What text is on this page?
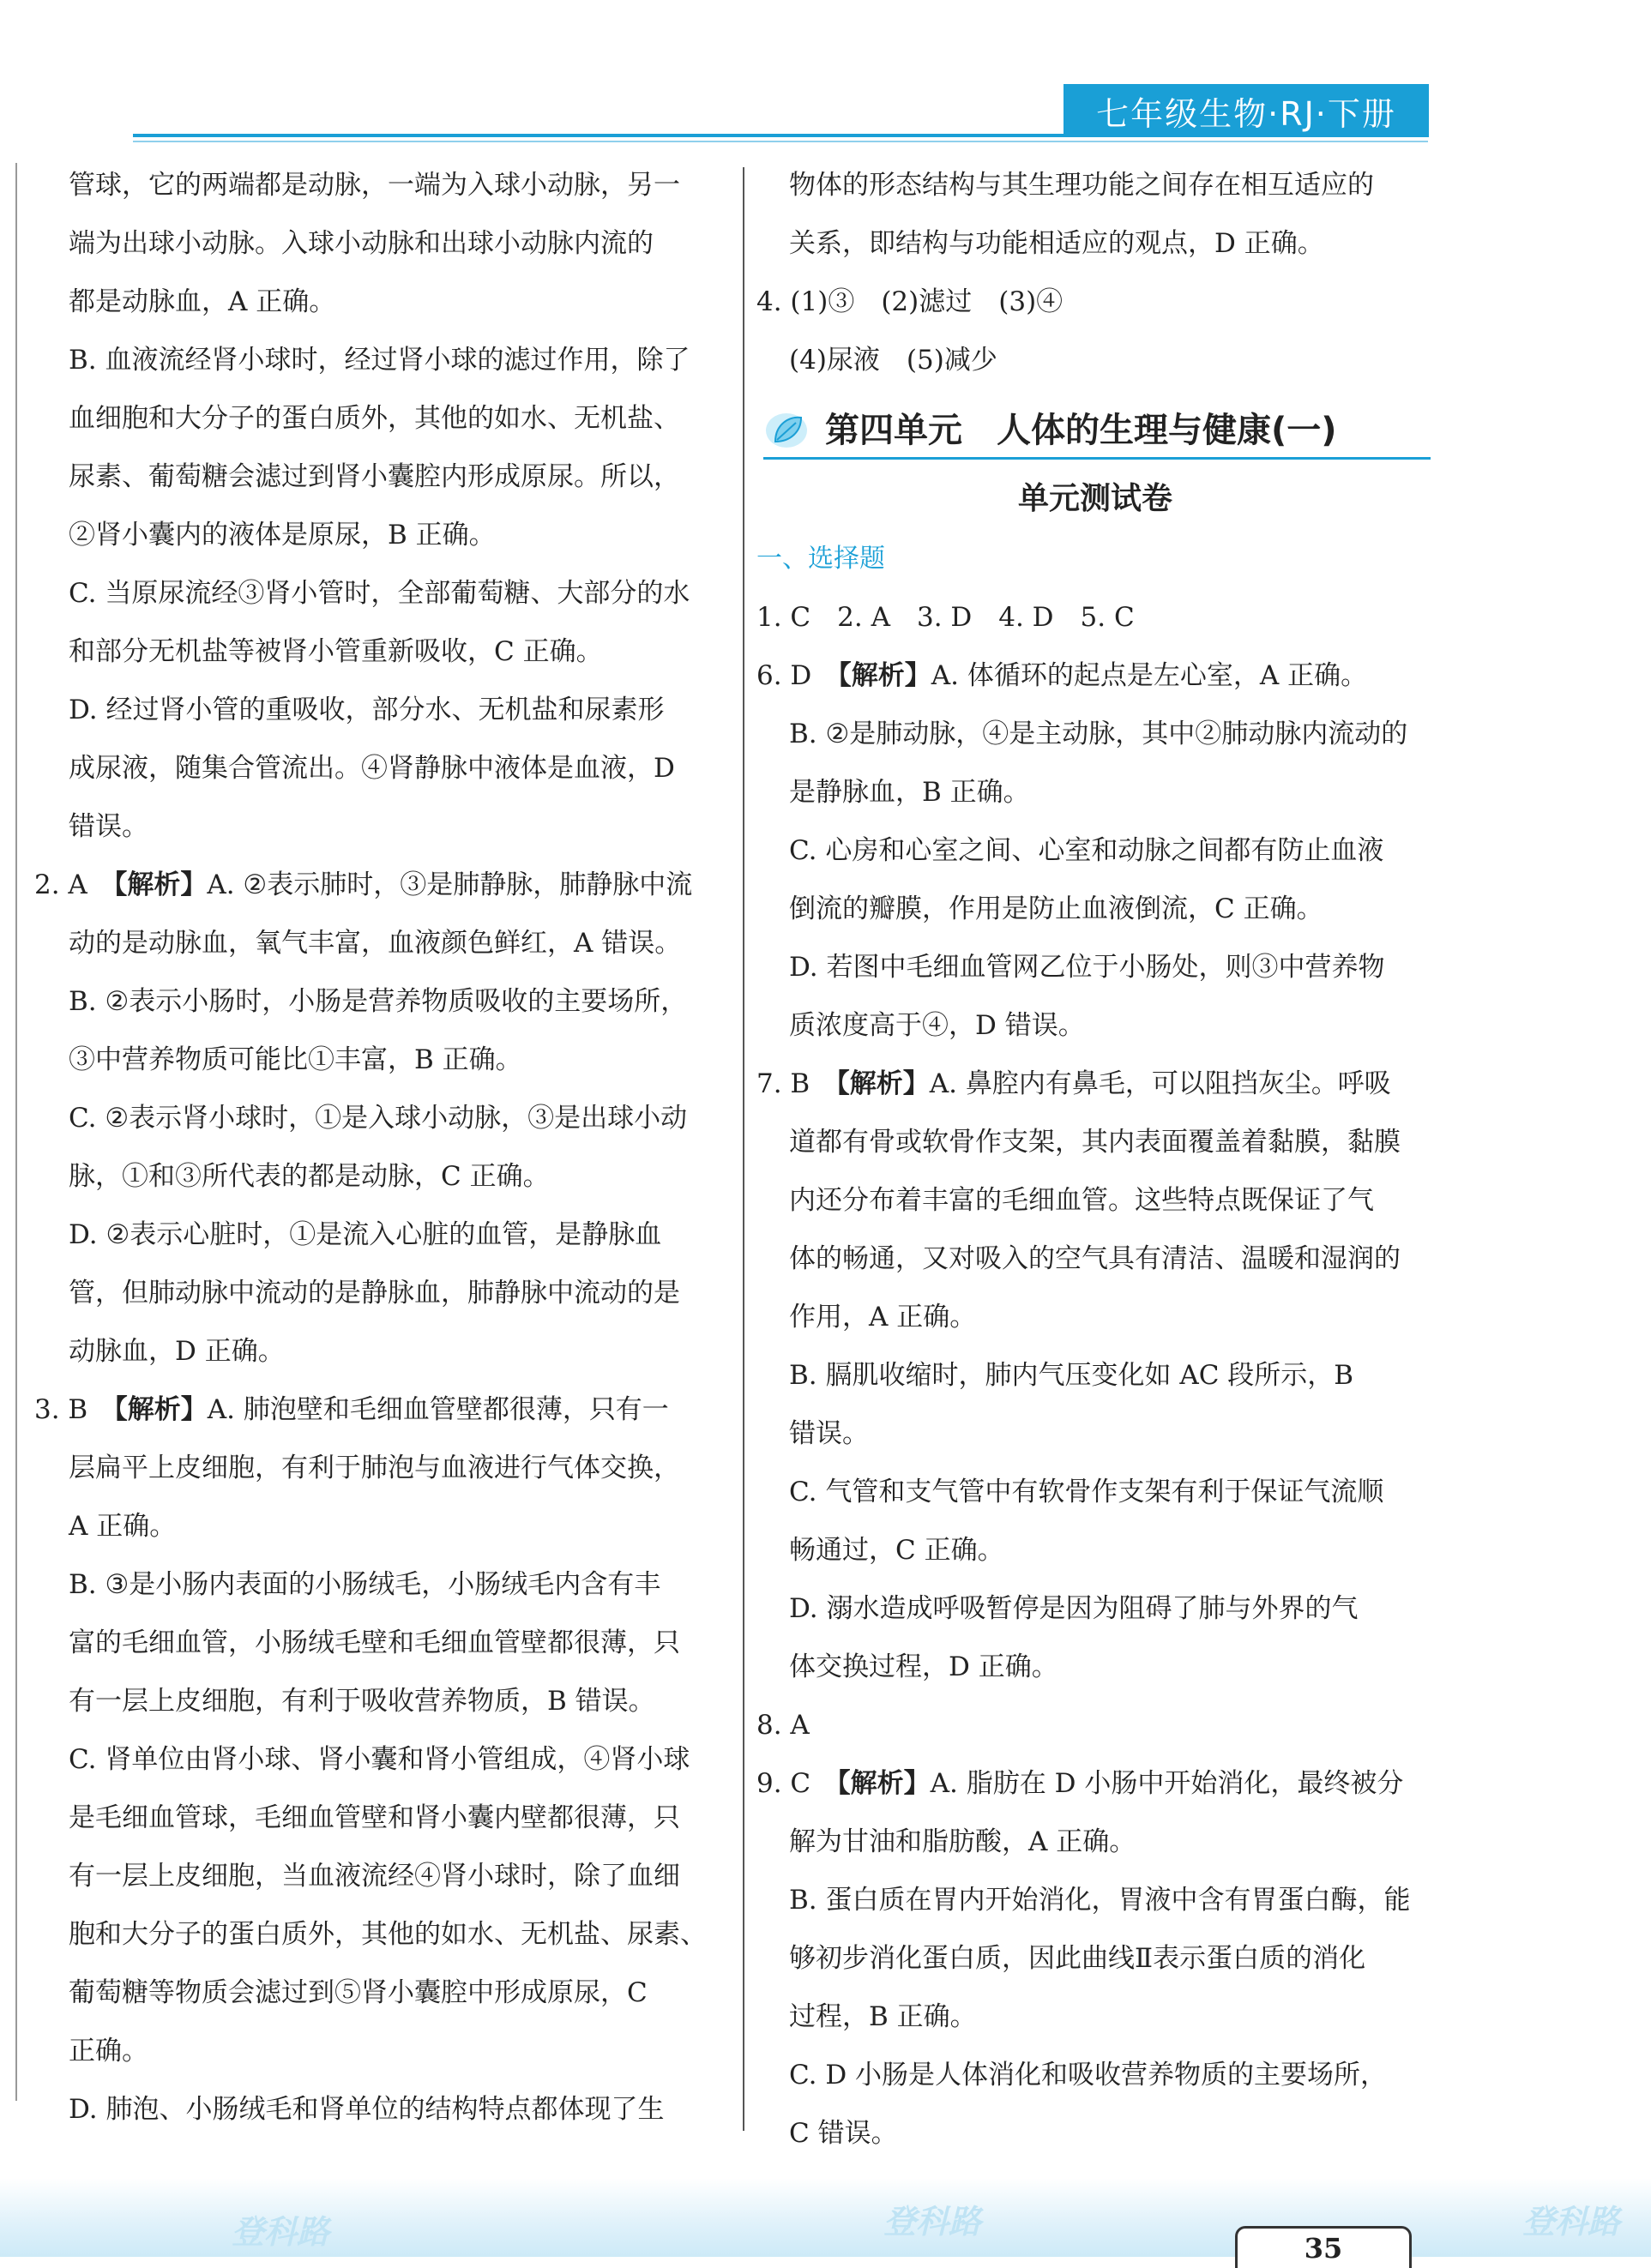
七年级生物·RJ·下册

管球，它的两端都是动脉，一端为入球小动脉，另一

端为出球小动脉。入球小动脉和出球小动脉内流的

都是动脉血，A 正确。

B. 血液流经肾小球时，经过肾小球的滤过作用，除了

血细胞和大分子的蛋白质外，其他的如水、无机盐、

尿素、葡萄糖会滤过到肾小囊腔内形成原尿。所以，

②肾小囊内的液体是原尿，B 正确。

C. 当原尿流经③肾小管时，全部葡萄糖、大部分的水

和部分无机盐等被肾小管重新吸收，C 正确。

D. 经过肾小管的重吸收，部分水、无机盐和尿素形

成尿液，随集合管流出。④肾静脉中液体是血液，D

错误。

2. A　 【解析】A. ②表示肺时，③是肺静脉，肺静脉中流

动的是动脉血，氧气丰富，血液颜色鲜红，A 错误。

B. ②表示小肠时，小肠是营养物质吸收的主要场所，

③中营养物质可能比①丰富，B 正确。

C. ②表示肾小球时，①是入球小动脉，③是出球小动

脉，①和③所代表的都是动脉，C 正确。

D. ②表示心脏时，①是流入心脏的血管，是静脉血

管，但肺动脉中流动的是静脉血，肺静脉中流动的是

动脉血，D 正确。

3. B　 【解析】A. 肺泡壁和毛细血管壁都很薄，只有一

层扁平上皮细胞，有利于肺泡与血液进行气体交换，

A 正确。

B. ③是小肠内表面的小肠绒毛，小肠绒毛内含有丰

富的毛细血管，小肠绒毛壁和毛细血管壁都很薄，只

有一层上皮细胞，有利于吸收营养物质，B 错误。

C. 肾单位由肾小球、肾小囊和肾小管组成，④肾小球

是毛细血管球，毛细血管壁和肾小囊内壁都很薄，只

有一层上皮细胞，当血液流经④肾小球时，除了血细

胞和大分子的蛋白质外，其他的如水、无机盐、尿素、

葡萄糖等物质会滤过到⑤肾小囊腔中形成原尿，C

正确。

D. 肺泡、小肠绒毛和肾单位的结构特点都体现了生

物体的形态结构与其生理功能之间存在相互适应的

关系，即结构与功能相适应的观点，D 正确。

4. (1)③　(2)滤过　(3)④

(4)尿液　(5)减少

第四单元　人体的生理与健康(一)
单元测试卷

一、选择题

1. C　2. A　3. D　4. D　5. C

6. D　 【解析】A. 体循环的起点是左心室，A 正确。

B. ②是肺动脉，④是主动脉，其中②肺动脉内流动的

是静脉血，B 正确。

C. 心房和心室之间、心室和动脉之间都有防止血液

倒流的瓣膜，作用是防止血液倒流，C 正确。

D. 若图中毛细血管网乙位于小肠处，则③中营养物

质浓度高于④，D 错误。

7. B　 【解析】A. 鼻腔内有鼻毛，可以阻挡灰尘。呼吸

道都有骨或软骨作支架，其内表面覆盖着黏膜，黏膜

内还分布着丰富的毛细血管。这些特点既保证了气

体的畅通，又对吸入的空气具有清洁、温暖和湿润的

作用，A 正确。

B. 膈肌收缩时，肺内气压变化如 AC 段所示，B

错误。

C. 气管和支气管中有软骨作支架有利于保证气流顺

畅通过，C 正确。

D. 溺水造成呼吸暂停是因为阻碍了肺与外界的气

体交换过程，D 正确。

8. A

9. C　 【解析】A. 脂肪在 D 小肠中开始消化，最终被分

解为甘油和脂肪酸，A 正确。

B. 蛋白质在胃内开始消化，胃液中含有胃蛋白酶，能

够初步消化蛋白质，因此曲线Ⅱ表示蛋白质的消化

过程，B 正确。

C. D 小肠是人体消化和吸收营养物质的主要场所，

C 错误。

登科路	登科路	登科路
35
